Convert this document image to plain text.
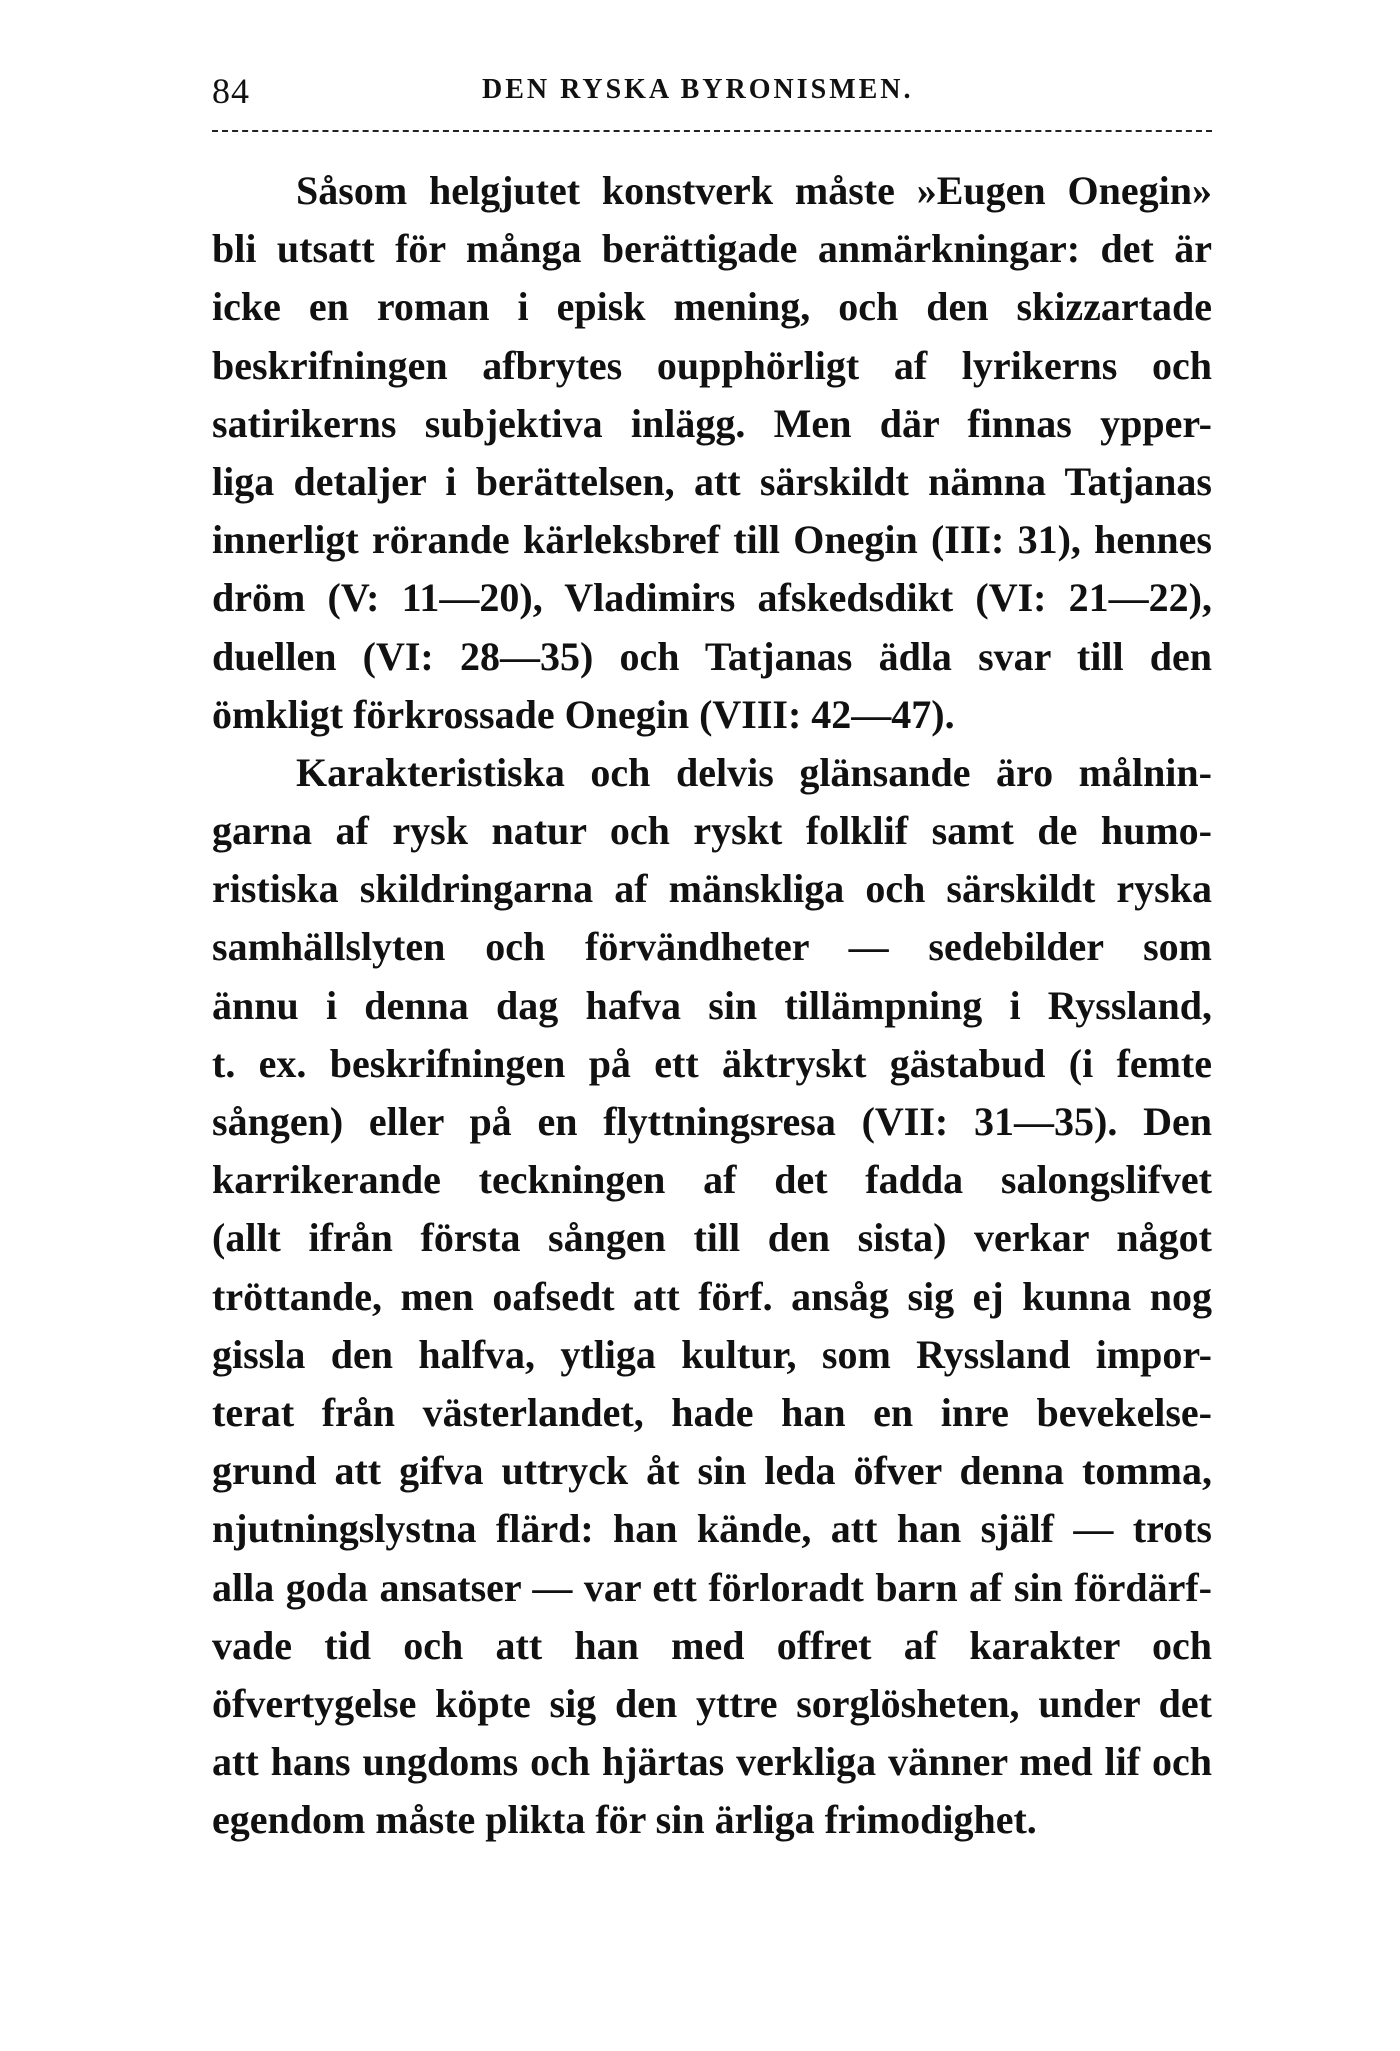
84	DEN RYSKA BYRONISMEN.
Såsom helgjutet konstverk måste »Eugen Onegin»
bli utsatt för många berättigade anmärkningar: det är
icke en roman i episk mening, och den skizzartade
beskrifningen afbrytes oupphörligt af lyrikerns och
satirikerns subjektiva inlägg. Men där finnas ypper-
liga detaljer i berättelsen, att särskildt nämna Tatjanas
innerligt rörande kärleksbref till Onegin (III: 31), hennes
dröm (V: 11—20), Vladimirs afskedsdikt (VI: 21—22),
duellen (VI: 28—35) och Tatjanas ädla svar till den
ömkligt förkrossade Onegin (VIII: 42—47).
Karakteristiska och delvis glänsande äro målnin-
garna af rysk natur och ryskt folklif samt de humo-
ristiska skildringarna af mänskliga och särskildt ryska
samhällslyten och förvändheter — sedebilder som
ännu i denna dag hafva sin tillämpning i Ryssland,
t. ex. beskrifningen på ett äktryskt gästabud (i femte
sången) eller på en flyttningsresa (VII: 31—35). Den
karrikerande teckningen af det fadda salongslifvet
(allt ifrån första sången till den sista) verkar något
tröttande, men oafsedt att förf. ansåg sig ej kunna nog
gissla den halfva, ytliga kultur, som Ryssland impor-
terat från västerlandet, hade han en inre bevekelse-
grund att gifva uttryck åt sin leda öfver denna tomma,
njutningslystna flärd: han kände, att han själf — trots
alla goda ansatser — var ett förloradt barn af sin fördärf-
vade tid och att han med offret af karakter och
öfvertygelse köpte sig den yttre sorglösheten, under det
att hans ungdoms och hjärtas verkliga vänner med lif och
egendom måste plikta för sin ärliga frimodighet.
